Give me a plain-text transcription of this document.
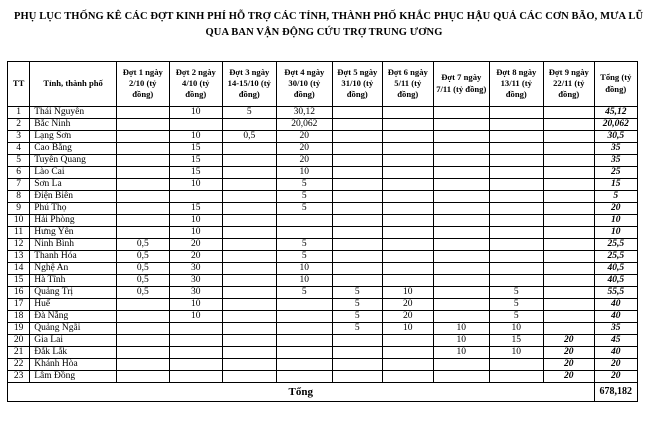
PHỤ LỤC THỐNG KÊ CÁC ĐỢT KINH PHÍ HỖ TRỢ CÁC TỈNH, THÀNH PHỐ KHẮC PHỤC HẬU QUẢ CÁC CƠN BÃO, MƯA LŨ
QUA BAN VẬN ĐỘNG CỨU TRỢ TRUNG ƯƠNG
TT	Tỉnh, thành phố	Đợt 1 ngày 2/10 (tỷ đồng)	Đợt 2 ngày 4/10 (tỷ đồng)	Đợt 3 ngày 14-15/10 (tỷ đồng)	Đợt 4 ngày 30/10 (tỷ đồng)	Đợt 5 ngày 31/10 (tỷ đồng)	Đợt 6 ngày 5/11 (tỷ đồng)	Đợt 7 ngày 7/11 (tỷ đồng)	Đợt 8 ngày 13/11 (tỷ đồng)	Đợt 9 ngày 22/11 (tỷ đồng)	Tổng (tỷ đồng)
1	Thái Nguyên		10	5	30,12						45,12
2	Bắc Ninh				20,062						20,062
3	Lạng Sơn		10	0,5	20						30,5
4	Cao Bằng		15		20						35
5	Tuyên Quang		15		20						35
6	Lào Cai		15		10						25
7	Sơn La		10		5						15
8	Điện Biên				5						5
9	Phú Thọ		15		5						20
10	Hải Phòng		10								10
11	Hưng Yên		10								10
12	Ninh Bình	0,5	20		5						25,5
13	Thanh Hóa	0,5	20		5						25,5
14	Nghệ An	0,5	30		10						40,5
15	Hà Tĩnh	0,5	30		10						40,5
16	Quảng Trị	0,5	30		5	5	10		5		55,5
17	Huế		10			5	20		5		40
18	Đà Nẵng		10			5	20		5		40
19	Quảng Ngãi					5	10	10	10		35
20	Gia Lai							10	15	20	45
21	Đắk Lắk							10	10	20	40
22	Khánh Hòa									20	20
23	Lâm Đồng									20	20
Tổng											678,182
